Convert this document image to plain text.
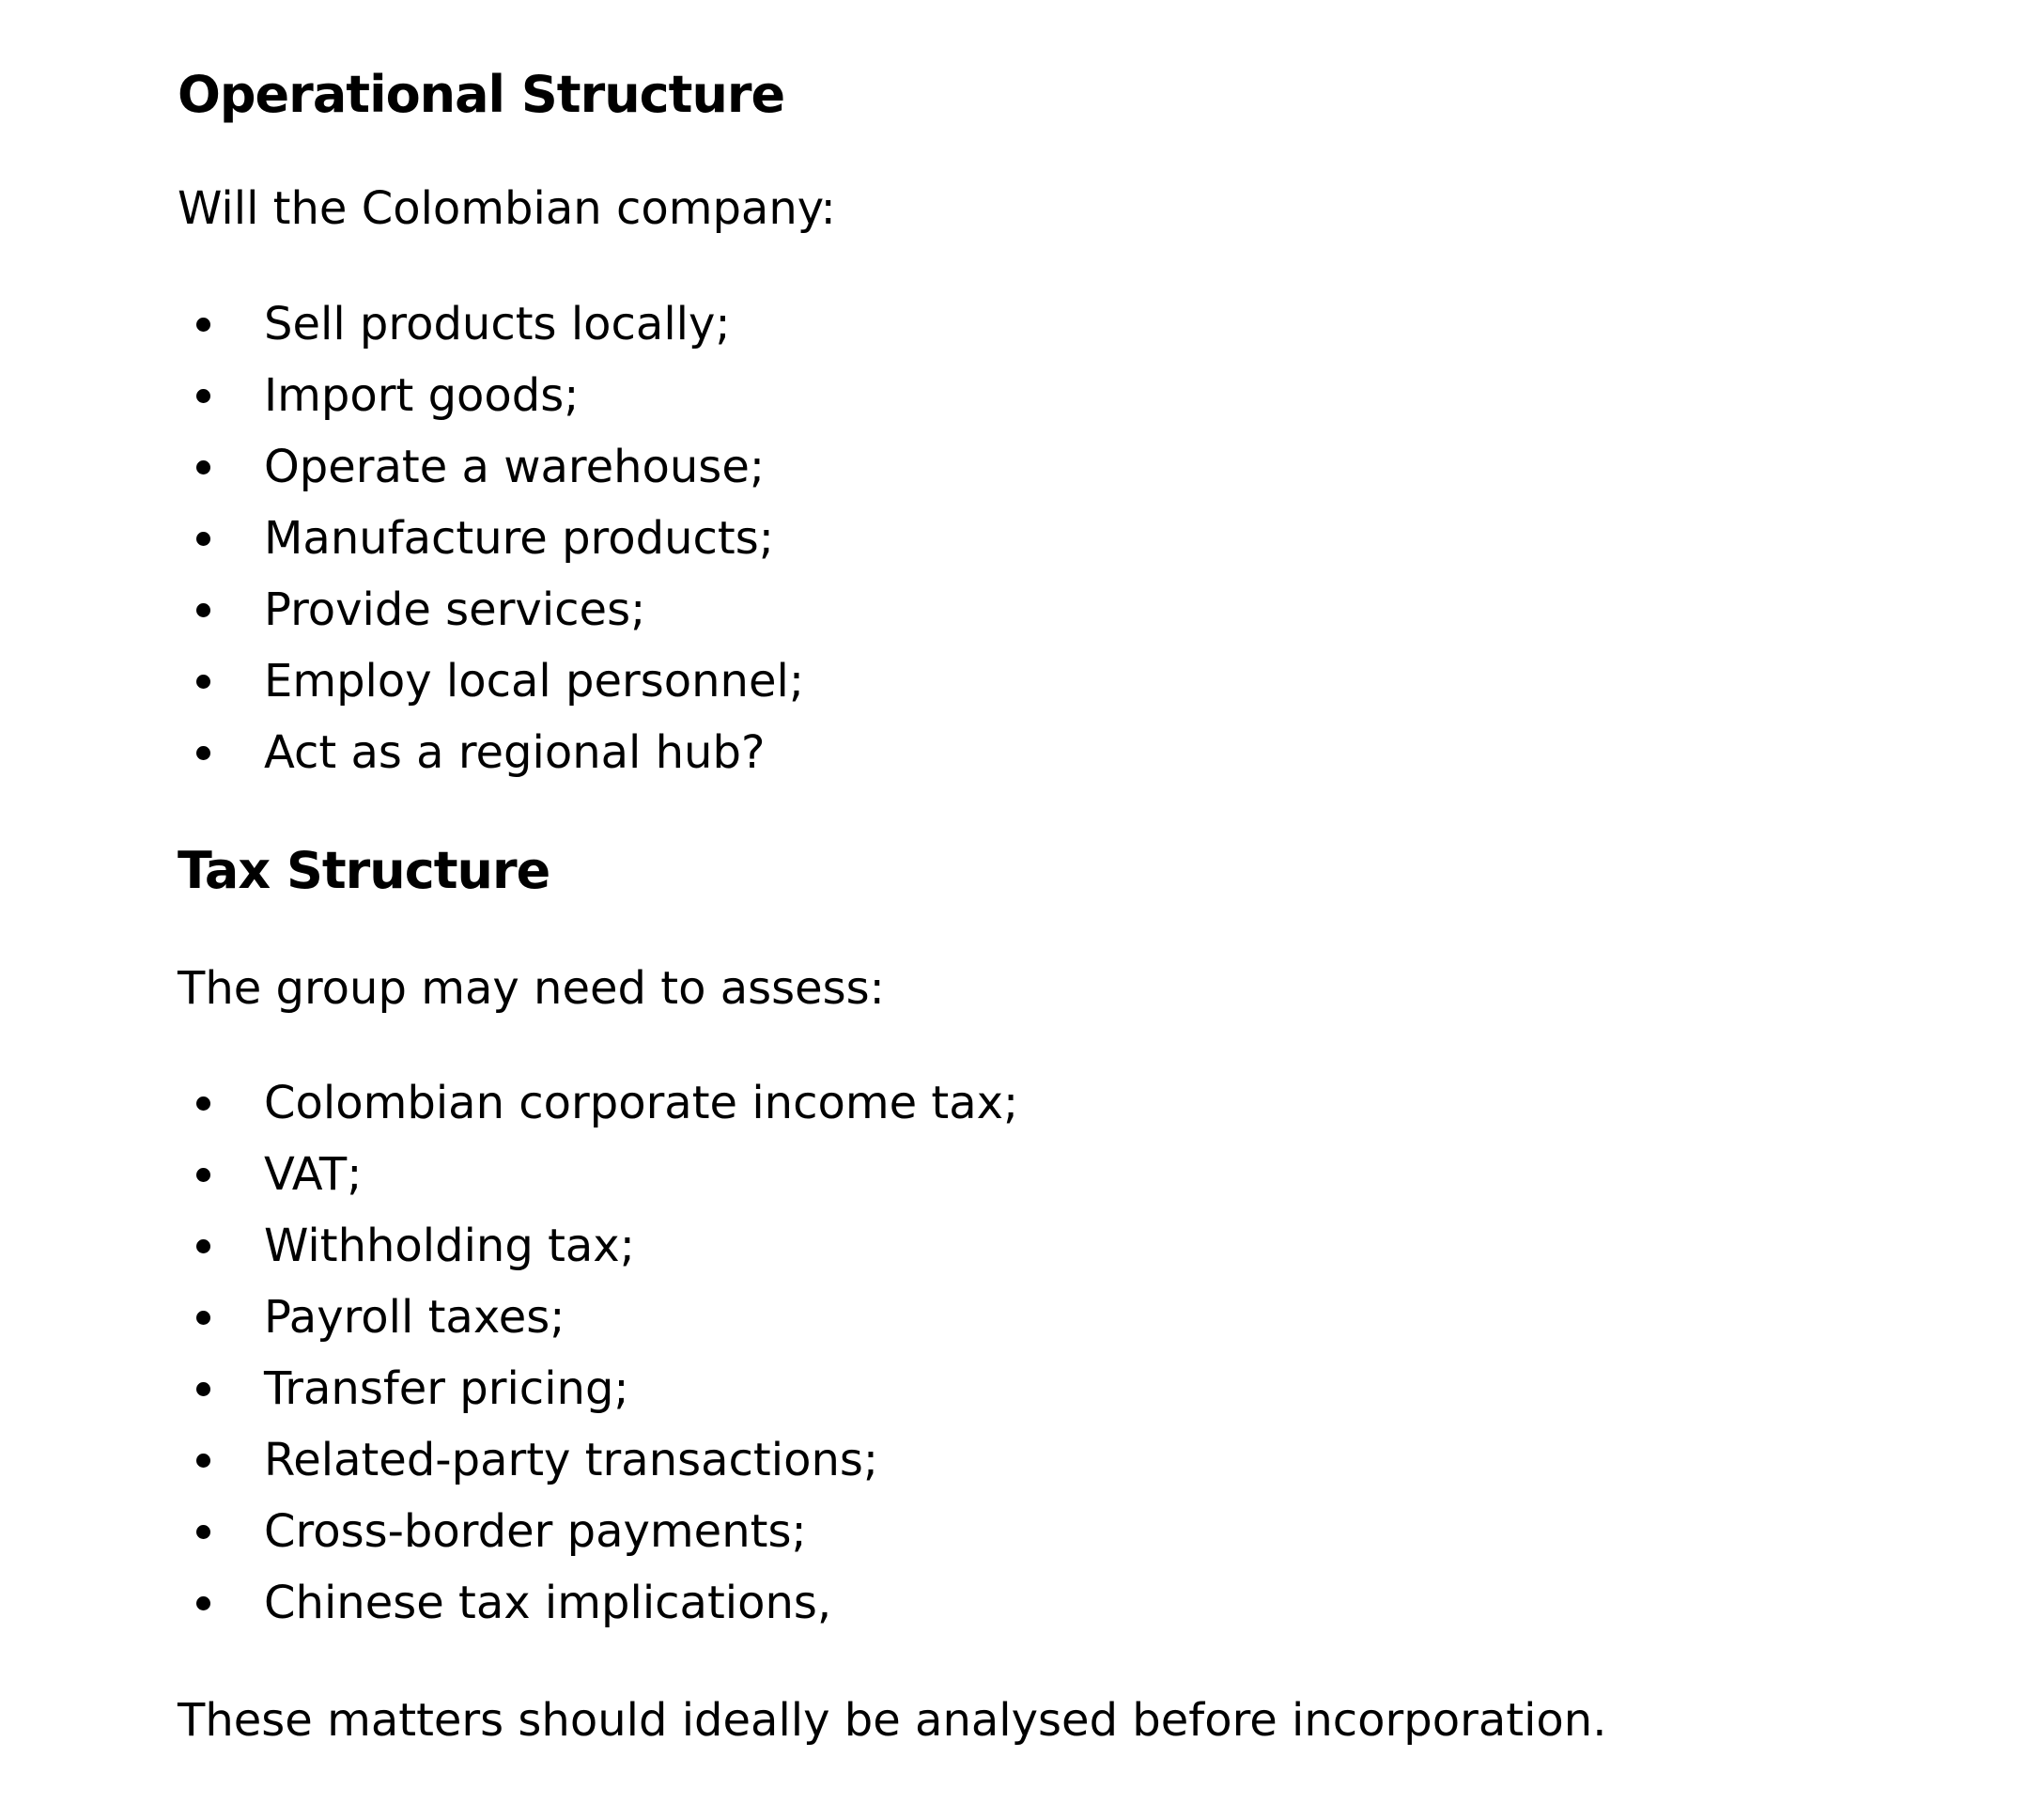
Operational Structure

Will the Colombian company:

Sell products locally;
Import goods;
Operate a warehouse;
Manufacture products;
Provide services;
Employ local personnel;
Act as a regional hub?
Tax Structure

The group may need to assess:

Colombian corporate income tax;
VAT;
Withholding tax;
Payroll taxes;
Transfer pricing;
Related-party transactions;
Cross-border payments;
Chinese tax implications,

These matters should ideally be analysed before incorporation.
